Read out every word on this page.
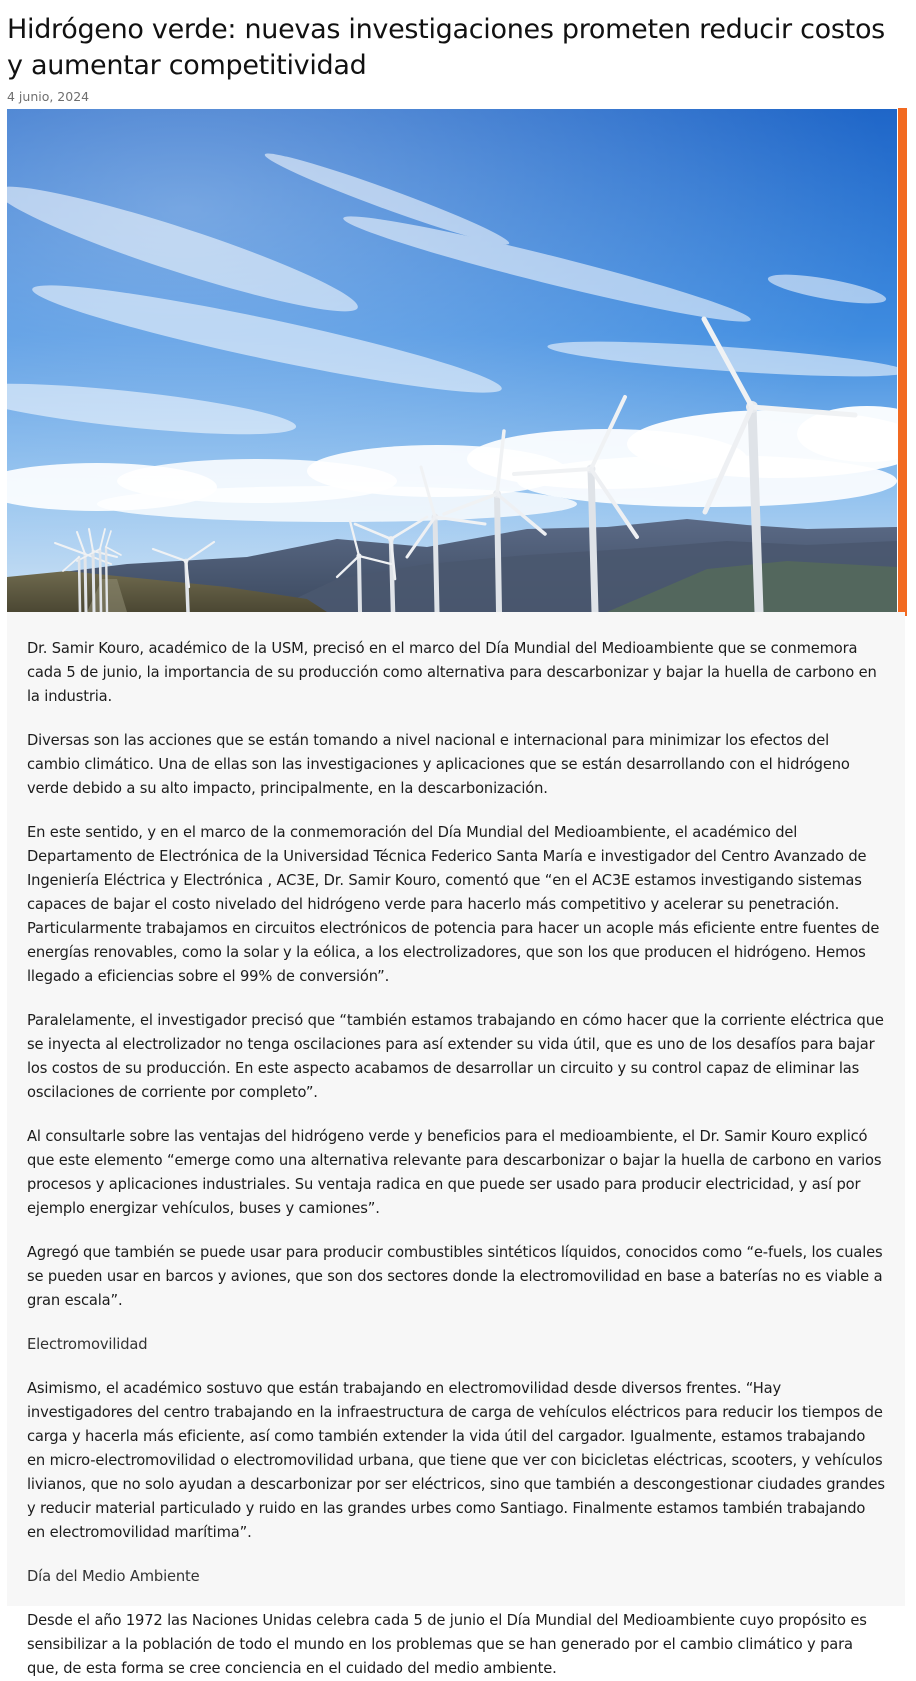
Hidrógeno verde: nuevas investigaciones prometen reducir costos y aumentar competitividad
4 junio, 2024

Dr. Samir Kouro, académico de la USM, precisó en el marco del Día Mundial del Medioambiente que se conmemora cada 5 de junio, la importancia de su producción como alternativa para descarbonizar y bajar la huella de carbono en la industria.

Diversas son las acciones que se están tomando a nivel nacional e internacional para minimizar los efectos del cambio climático. Una de ellas son las investigaciones y aplicaciones que se están desarrollando con el hidrógeno verde debido a su alto impacto, principalmente, en la descarbonización.

En este sentido, y en el marco de la conmemoración del Día Mundial del Medioambiente, el académico del Departamento de Electrónica de la Universidad Técnica Federico Santa María e investigador del Centro Avanzado de Ingeniería Eléctrica y Electrónica , AC3E, Dr. Samir Kouro, comentó que “en el AC3E estamos investigando sistemas capaces de bajar el costo nivelado del hidrógeno verde para hacerlo más competitivo y acelerar su penetración. Particularmente trabajamos en circuitos electrónicos de potencia para hacer un acople más eficiente entre fuentes de energías renovables, como la solar y la eólica, a los electrolizadores, que son los que producen el hidrógeno. Hemos llegado a eficiencias sobre el 99% de conversión”.

Paralelamente, el investigador precisó que “también estamos trabajando en cómo hacer que la corriente eléctrica que se inyecta al electrolizador no tenga oscilaciones para así extender su vida útil, que es uno de los desafíos para bajar los costos de su producción. En este aspecto acabamos de desarrollar un circuito y su control capaz de eliminar las oscilaciones de corriente por completo”.

Al consultarle sobre las ventajas del hidrógeno verde y beneficios para el medioambiente, el Dr. Samir Kouro explicó que este elemento “emerge como una alternativa relevante para descarbonizar o bajar la huella de carbono en varios procesos y aplicaciones industriales. Su ventaja radica en que puede ser usado para producir electricidad, y así por ejemplo energizar vehículos, buses y camiones”.

Agregó que también se puede usar para producir combustibles sintéticos líquidos, conocidos como “e-fuels, los cuales se pueden usar en barcos y aviones, que son dos sectores donde la electromovilidad en base a baterías no es viable a gran escala”.

Electromovilidad

Asimismo, el académico sostuvo que están trabajando en electromovilidad desde diversos frentes. “Hay investigadores del centro trabajando en la infraestructura de carga de vehículos eléctricos para reducir los tiempos de carga y hacerla más eficiente, así como también extender la vida útil del cargador. Igualmente, estamos trabajando en micro-electromovilidad o electromovilidad urbana, que tiene que ver con bicicletas eléctricas, scooters, y vehículos livianos, que no solo ayudan a descarbonizar por ser eléctricos, sino que también a descongestionar ciudades grandes y reducir material particulado y ruido en las grandes urbes como Santiago. Finalmente estamos también trabajando en electromovilidad marítima”.

Día del Medio Ambiente

Desde el año 1972 las Naciones Unidas celebra cada 5 de junio el Día Mundial del Medioambiente cuyo propósito es sensibilizar a la población de todo el mundo en los problemas que se han generado por el cambio climático y para que, de esta forma se cree conciencia en el cuidado del medio ambiente.
